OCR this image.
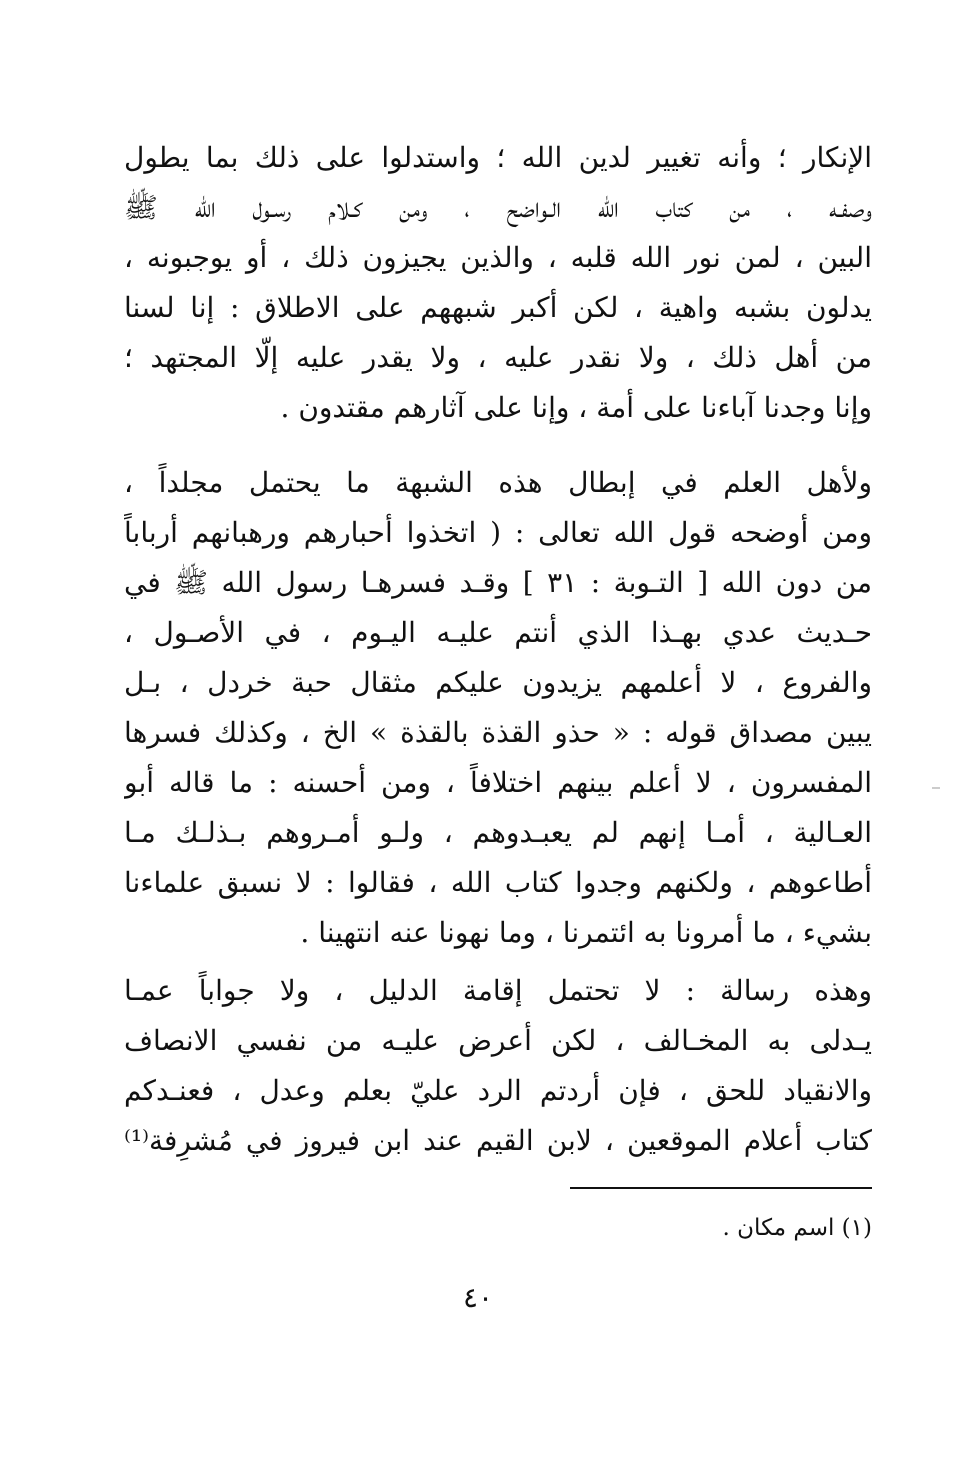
الإنكار ؛ وأنه تغيير لدين الله ؛ واستدلوا على ذلك بما يطول
وصفـه ، من كتاب الله الـواضح ، ومن كـلام رسـول الله ﷺ
البين ، لمن نور الله قلبه ، والذين يجيزون ذلك ، أو يوجبونه ،
يدلون بشبه واهية ، لكن أكبر شبههم على الاطلاق : إنا لسنا
من أهل ذلك ، ولا نقدر عليه ، ولا يقدر عليه إلّا المجتهد ؛
وإنا وجدنا آباءنا على أمة ، وإنا على آثارهم مقتدون .
ولأهل العلم في إبطال هذه الشبهة ما يحتمل مجلداً ،
ومن أوضحه قول الله تعالى : ( اتخذوا أحبارهم ورهبانهم أرباباً
من دون الله [ التـوبة : ٣١ ] وقـد فسرهـا رسول الله ﷺ في
حـديث عدي بهـذا الذي أنتم عليـه اليـوم ، في الأصـول ،
والفروع ، لا أعلمهم يزيدون عليكم مثقال حبة خردل ، بـل
يبين مصداق قوله : « حذو القذة بالقذة » الخ ، وكذلك فسرها
المفسرون ، لا أعلم بينهم اختلافاً ، ومن أحسنه : ما قاله أبو
العـالية ، أمـا إنهم لم يعبـدوهم ، ولـو أمـروهم بـذلـك مـا
أطاعوهم ، ولكنهم وجدوا كتاب الله ، فقالوا : لا نسبق علماءنا
بشيء ، ما أمرونا به ائتمرنا ، وما نهونا عنه انتهينا .
وهذه رسالة : لا تحتمل إقامة الدليل ، ولا جواباً عمـا
يـدلى به المخـالف ، لكن أعرض عليـه من نفسي الانصاف
والانقياد للحق ، فإن أردتم الرد عليّ بعلم وعدل ، فعنـدكم
كتاب أعلام الموقعين ، لابن القيم عند ابن فيروز في مُشرِفة⁽¹⁾
(١) اسم مكان .
٤٠
